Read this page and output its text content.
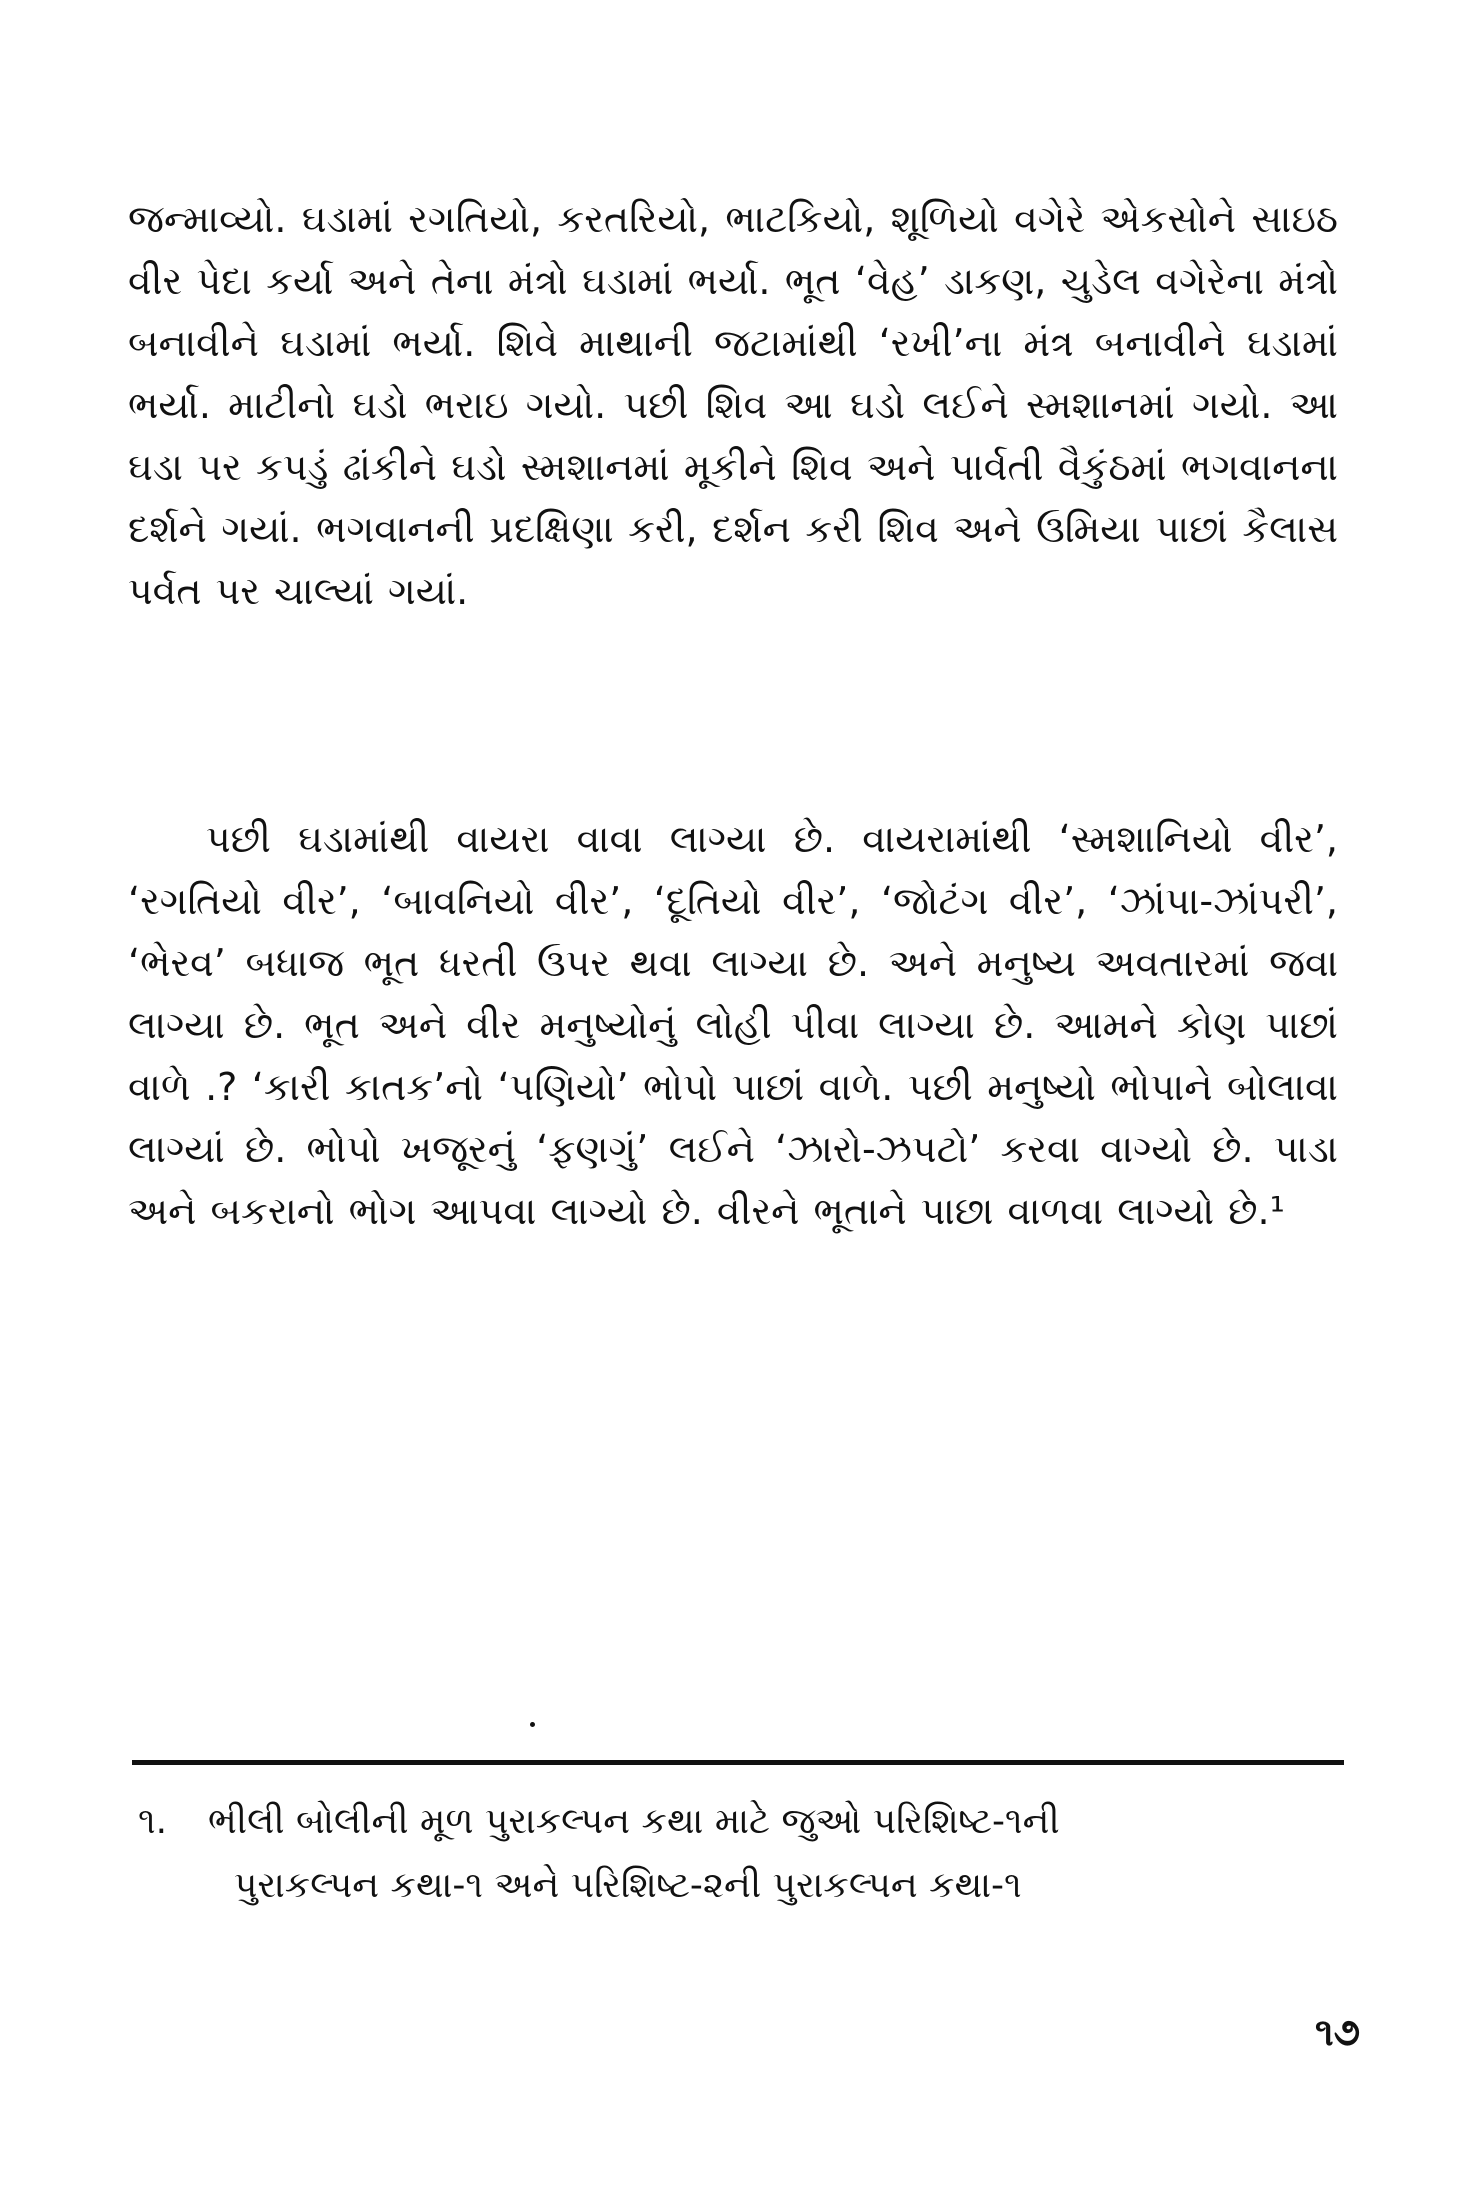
જન્માવ્યો. ઘડામાં રગતિયો, કરતરિયો, ભાટકિયો, શૂળિયો વગેરે એકસોને સાઇઠ વીર પેદા કર્યા અને તેના મંત્રો ઘડામાં ભર્યા. ભૂત ‘વેહ’ ડાકણ, ચુડેલ વગેરેના મંત્રો બનાવીને ઘડામાં ભર્યા. શિવે માથાની જટામાંથી ‘રખી’ના મંત્ર બનાવીને ઘડામાં ભર્યા. માટીનો ઘડો ભરાઇ ગયો. પછી શિવ આ ઘડો લઈને સ્મશાનમાં ગયો. આ ઘડા પર કપડું ઢાંકીને ઘડો સ્મશાનમાં મૂકીને શિવ અને પાર્વતી વૈકુંઠમાં ભગવાનના દર્શને ગયાં. ભગવાનની પ્રદક્ષિણા કરી, દર્શન કરી શિવ અને ઉમિયા પાછાં કૈલાસ પર્વત પર ચાલ્યાં ગયાં.

પછી ઘડામાંથી વાયરા વાવા લાગ્યા છે. વાયરામાંથી ‘સ્મશાનિયો વીર’, ‘રગતિયો વીર’, ‘બાવનિયો વીર’, ‘દૂતિયો વીર’, ‘જોટંગ વીર’, ‘ઝાંપા-ઝાંપરી’, ‘ભેરવ’ બધાજ ભૂત ધરતી ઉપર થવા લાગ્યા છે. અને મનુષ્ય અવતારમાં જવા લાગ્યા છે. ભૂત અને વીર મનુષ્યોનું લોહી પીવા લાગ્યા છે. આમને કોણ પાછાં વાળે .? ‘કારી કાતક’નો ‘પણિયો’ ભોપો પાછાં વાળે. પછી મનુષ્યો ભોપાને બોલાવા લાગ્યાં છે. ભોપો ખજૂરનું ‘ફણગું’ લઈને ‘ઝારો-ઝપટો’ કરવા વાગ્યો છે. પાડા અને બકરાનો ભોગ આપવા લાગ્યો છે. વીરને ભૂતાને પાછા વાળવા લાગ્યો છે.¹

૧. ભીલી બોલીની મૂળ પુરાકલ્પન કથા માટે જુઓ પરિશિષ્ટ-૧ની
પુરાકલ્પન કથા-૧ અને પરિશિષ્ટ-૨ની પુરાકલ્પન કથા-૧

૧૭
